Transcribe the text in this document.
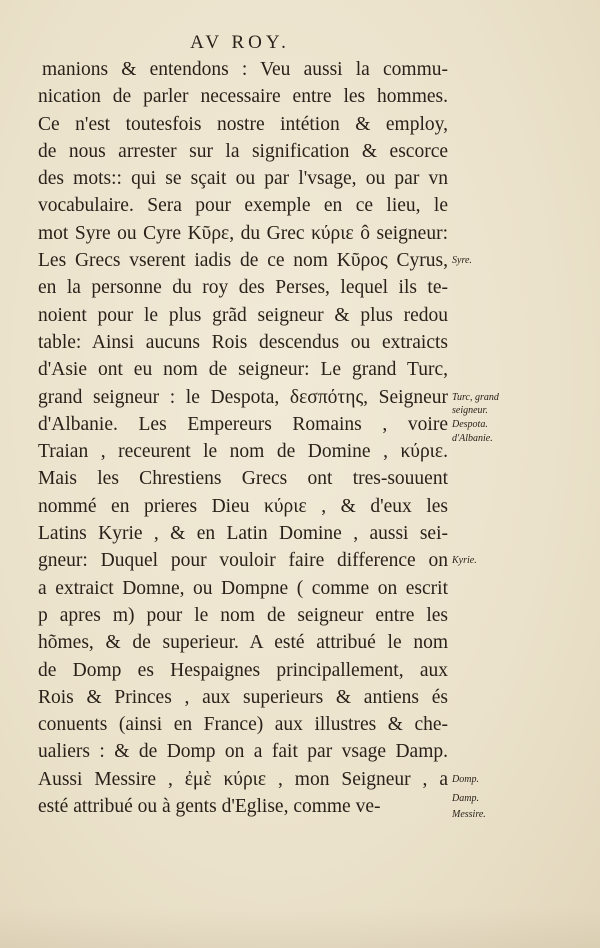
AV ROY.
manions & entendons : Veu aussi la commu-
nication de parler necessaire entre les hommes.
Ce n'est toutesfois nostre intétion & employ,
de nous arrester sur la signification & escorce
des mots:: qui se sçait ou par l'vsage, ou par vn
vocabulaire. Sera pour exemple en ce lieu, le
mot Syre ou Cyre Κῦρε, du Grec κύριε ô seigneur:
Les Grecs vserent iadis de ce nom Κῦρος Cyrus,
en la personne du roy des Perses, lequel ils te-
noient pour le plus grãd seigneur & plus redou
table: Ainsi aucuns Rois descendus ou extraicts
d'Asie ont eu nom de seigneur: Le grand Turc,
grand seigneur : le Despota, δεσπότης, Seigneur
d'Albanie. Les Empereurs Romains , voire
Traian , receurent le nom de Domine , κύριε.
Mais les Chrestiens Grecs ont tres-souuent
nommé en prieres Dieu κύριε , & d'eux les
Latins Kyrie , & en Latin Domine , aussi sei-
gneur: Duquel pour vouloir faire difference on
a extraict Domne, ou Dompne ( comme on escrit
p apres m) pour le nom de seigneur entre les
hõmes, & de superieur. A esté attribué le nom
de Domp es Hespaignes principallement, aux
Rois & Princes , aux superieurs & antiens és
conuents (ainsi en France) aux illustres & che-
ualiers : & de Domp on a fait par vsage Damp.
Aussi Messire , ἐμὲ κύριε , mon Seigneur , a
esté attribué ou à gents d'Eglise, comme ve-
Syre.
Turc, grand
seigneur.
Despota.
d'Albanie.
Kyrie.
Domp.
Damp.
Messire.
